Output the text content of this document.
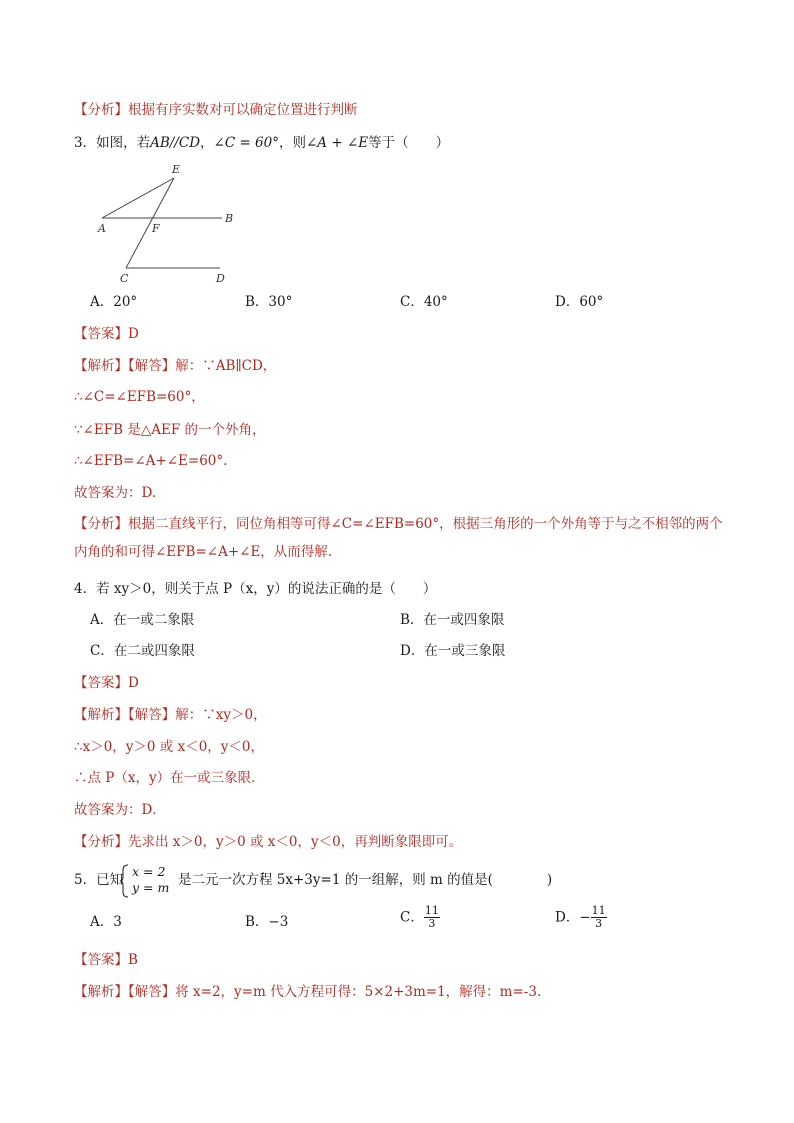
【分析】根据有序实数对可以确定位置进行判断
3．如图，若AB//CD，∠C = 60°，则∠A + ∠E等于（　　）
E
A	F
B
C	D
A．20°	B．30°	C．40°	D．60°
【答案】D
【解析】【解答】解：∵AB∥CD，
∴∠C=∠EFB=60°，
∵∠EFB 是△AEF 的一个外角，
∴∠EFB=∠A+∠E=60°.
故答案为：D.
【分析】根据二直线平行，同位角相等可得∠C=∠EFB=60°，根据三角形的一个外角等于与之不相邻的两个内角的和可得∠EFB=∠A+∠E，从而得解.
4．若 xy＞0，则关于点 P（x，y）的说法正确的是（　　）
A．在一或二象限	B．在一或四象限
C．在二或四象限	D．在一或三象限
【答案】D
【解析】【解答】解：∵xy＞0，
∴x＞0，y＞0 或 x＜0，y＜0，
∴点 P（x，y）在一或三象限．
故答案为：D．
【分析】先求出 x＞0，y＞0 或 x＜0，y＜0，再判断象限即可。
5．已知
x = 2
y = m 是二元一次方程 5x+3y=1 的一组解，则 m 的值是(　　　　)
A．3	B．−3	C． $\frac{11}{3}$	D．− $\frac{11}{3}$
【答案】B
【解析】【解答】将 x=2，y=m 代入方程可得：5×2+3m=1，解得：m=-3.
